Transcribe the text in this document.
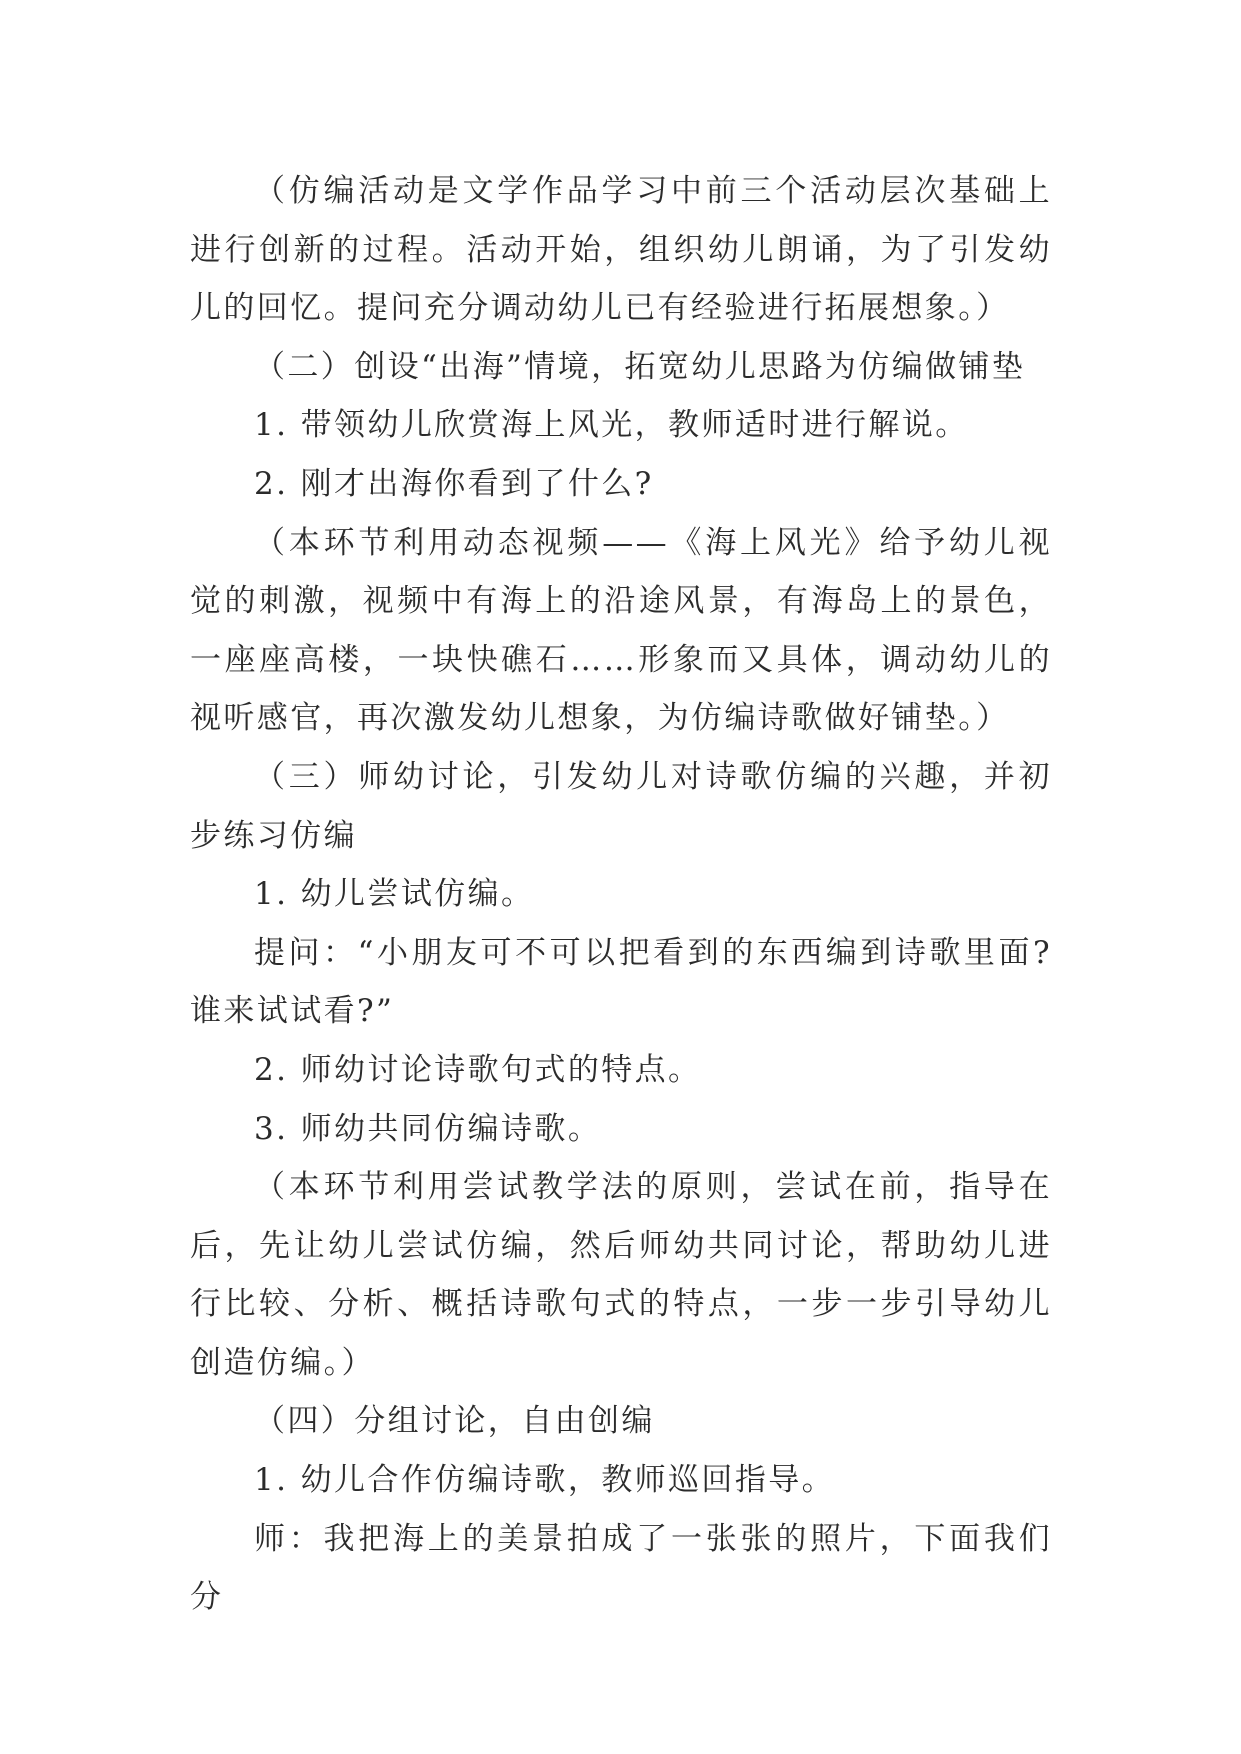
（仿编活动是文学作品学习中前三个活动层次基础上进行创新的过程。活动开始，组织幼儿朗诵，为了引发幼儿的回忆。提问充分调动幼儿已有经验进行拓展想象。）

（二）创设“出海”情境，拓宽幼儿思路为仿编做铺垫

1. 带领幼儿欣赏海上风光，教师适时进行解说。

2. 刚才出海你看到了什么?

（本环节利用动态视频——《海上风光》给予幼儿视觉的刺激，视频中有海上的沿途风景，有海岛上的景色，一座座高楼，一块快礁石……形象而又具体，调动幼儿的视听感官，再次激发幼儿想象，为仿编诗歌做好铺垫。）

（三）师幼讨论，引发幼儿对诗歌仿编的兴趣，并初步练习仿编

1. 幼儿尝试仿编。

提问：“小朋友可不可以把看到的东西编到诗歌里面?谁来试试看?”

2. 师幼讨论诗歌句式的特点。

3. 师幼共同仿编诗歌。

（本环节利用尝试教学法的原则，尝试在前，指导在后，先让幼儿尝试仿编，然后师幼共同讨论，帮助幼儿进行比较、分析、概括诗歌句式的特点，一步一步引导幼儿创造仿编。）

（四）分组讨论，自由创编

1. 幼儿合作仿编诗歌，教师巡回指导。

师：我把海上的美景拍成了一张张的照片，下面我们分
